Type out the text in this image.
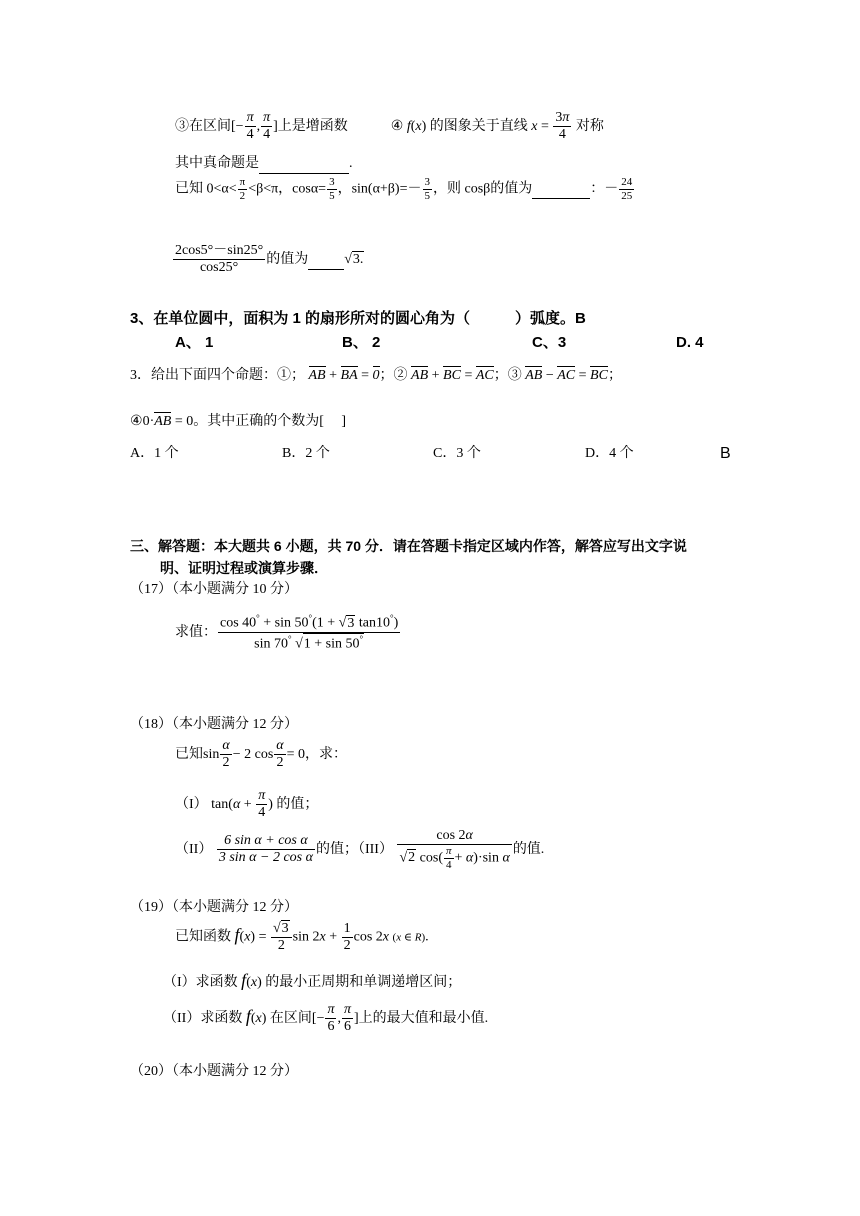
③在区间[− $\frac{\pi}{4}$ , $\frac{\pi}{4}$ ]上是增函数	④ f(x) 的图象关于直线 $x = \frac{3\pi}{4}$ 对称
其中真命题是	.
已知 $0<\alpha< \frac{\pi}{2} <\beta<\pi$，$\cos\alpha= \frac{3}{5}$ ，$\sin(\alpha+\beta)=- \frac{3}{5}$ ，则 cosβ的值为	：－ $\frac{24}{25}$
$\frac{2\cos 5^\circ-\sin 25^\circ}{\cos 25^\circ}$ 的值为	√3.
3、在单位圆中，面积为 1 的扇形所对的圆心角为（　　　）弧度。B
A、 1	B、 2	C、3	D. 4
3．给出下面四个命题：①； AB + BA = 0；② AB + BC = AC；③ AB − AC = BC；
④0·AB = 0。其中正确的个数为[　 ]
A．1 个	B．2 个	C．3 个	D．4 个	B
三、解答题：本大题共 6 小题，共 70 分．请在答题卡指定区域内作答，解答应写出文字说
明、证明过程或演算步骤．
（17）（本小题满分 10 分）
求值： $\frac{\cos 40^\circ + \sin 50^\circ(1 + √3 \tan 10^\circ)}{\sin 70^\circ √1 + \sin 50^\circ}$
（18）（本小题满分 12 分）
已知$\sin \frac{\alpha}{2} - 2$ $\cos \frac{\alpha}{2} = 0$，求：
（I） $\tan(\alpha + \frac{\pi}{4}$ ) 的值；
$(II) \frac{\text{6 sin α + cos α}}{\text{3 sin α − 2 cos α}}$ 的值；$(III) \frac{\cos 2\alpha}{√2 \cos( \frac{\pi}{4} + \alpha)\cdot\sin \alpha}$ 的值.
（19）（本小题满分 12 分）
已知函数 $f(x) = \frac{√3}{2}$ $\sin 2x + \frac{1}{2}$ cos 2x (x ∈ R).
（I）求函数 f(x) 的最小正周期和单调递增区间；
（II）求函数 f(x) 在区间[− $\frac{\pi}{6}$ , $\frac{\pi}{6}$ ]上的最大值和最小值.
（20）（本小题满分 12 分）
